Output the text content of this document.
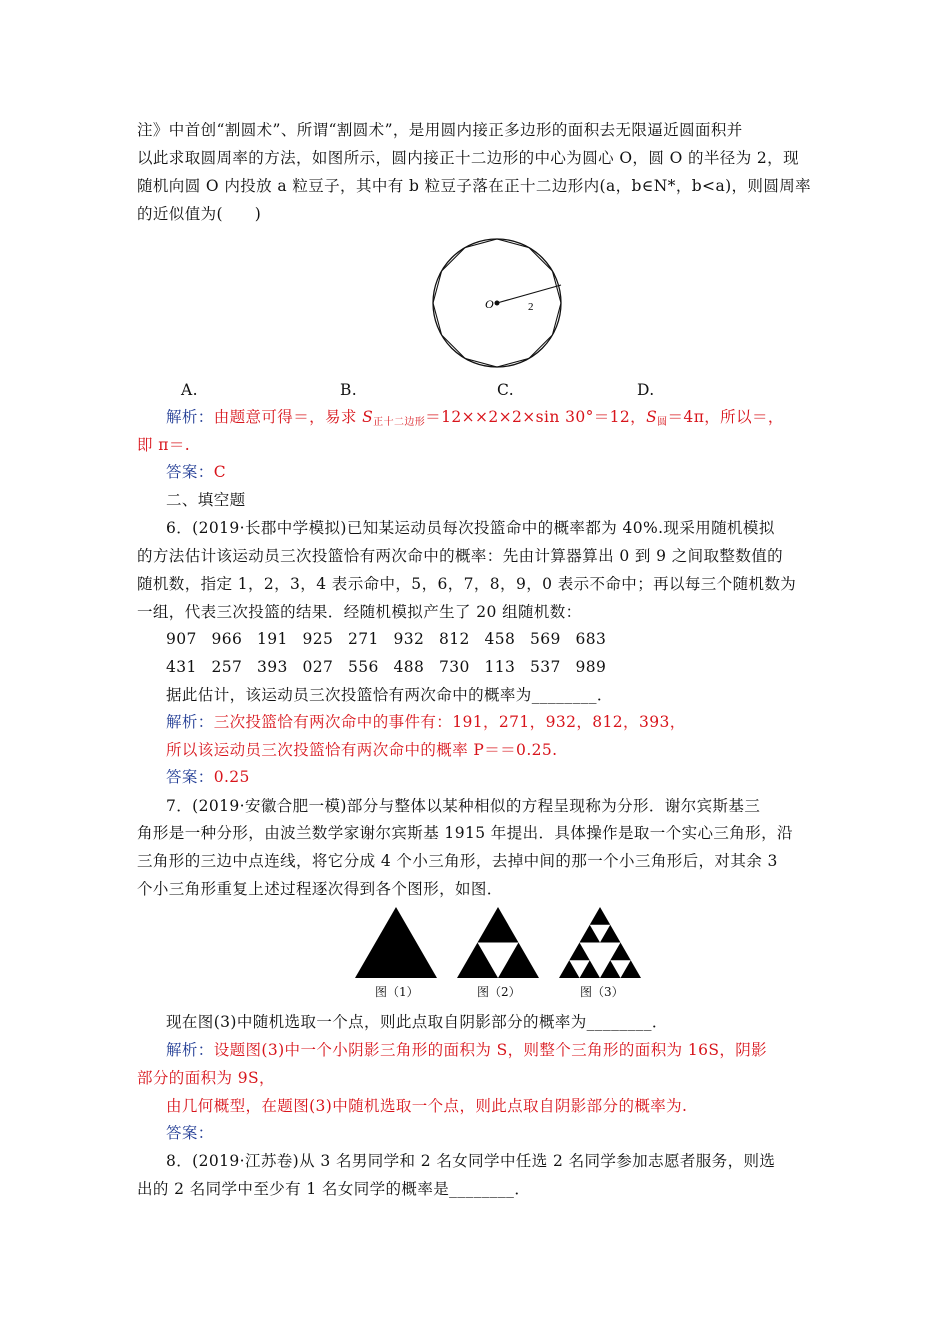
注》中首创“割圆术”、所谓“割圆术”，是用圆内接正多边形的面积去无限逼近圆面积并
以此求取圆周率的方法，如图所示，圆内接正十二边形的中心为圆心 O，圆 O 的半径为 2，现
随机向圆 O 内投放 a 粒豆子，其中有 b 粒豆子落在正十二边形内(a，b∈N*，b<a)，则圆周率
的近似值为(　　)
O	2
A.	B.	C.	D.
解析：由题意可得＝，易求 $S_{正十二边形}=12\times\times 2\times 2\times\sin$ 30°＝12，$S_圆=4\pi$，所以＝，
即 π＝.
答案：C
二、填空题
6．(2019·长郡中学模拟)已知某运动员每次投篮命中的概率都为 40%.现采用随机模拟
的方法估计该运动员三次投篮恰有两次命中的概率：先由计算器算出 0 到 9 之间取整数值的
随机数，指定 1，2，3，4 表示命中，5，6，7，8，9，0 表示不命中；再以每三个随机数为
一组，代表三次投篮的结果．经随机模拟产生了 20 组随机数：
907 966 191 925 271 932 812 458 569 683
431 257 393 027 556 488 730 113 537 989
据此估计，该运动员三次投篮恰有两次命中的概率为________．
解析：三次投篮恰有两次命中的事件有：191，271，932，812，393，
所以该运动员三次投篮恰有两次命中的概率 P＝＝0.25.
答案：0.25
7．(2019·安徽合肥一模)部分与整体以某种相似的方程呈现称为分形．谢尔宾斯基三
角形是一种分形，由波兰数学家谢尔宾斯基 1915 年提出．具体操作是取一个实心三角形，沿
三角形的三边中点连线，将它分成 4 个小三角形，去掉中间的那一个小三角形后，对其余 3
个小三角形重复上述过程逐次得到各个图形，如图．
图（1）	图（2）	图（3）
现在图(3)中随机选取一个点，则此点取自阴影部分的概率为________．
解析：设题图(3)中一个小阴影三角形的面积为 S，则整个三角形的面积为 16S，阴影
部分的面积为 9S，
由几何概型，在题图(3)中随机选取一个点，则此点取自阴影部分的概率为.
答案：
8．(2019·江苏卷)从 3 名男同学和 2 名女同学中任选 2 名同学参加志愿者服务，则选
出的 2 名同学中至少有 1 名女同学的概率是________．
